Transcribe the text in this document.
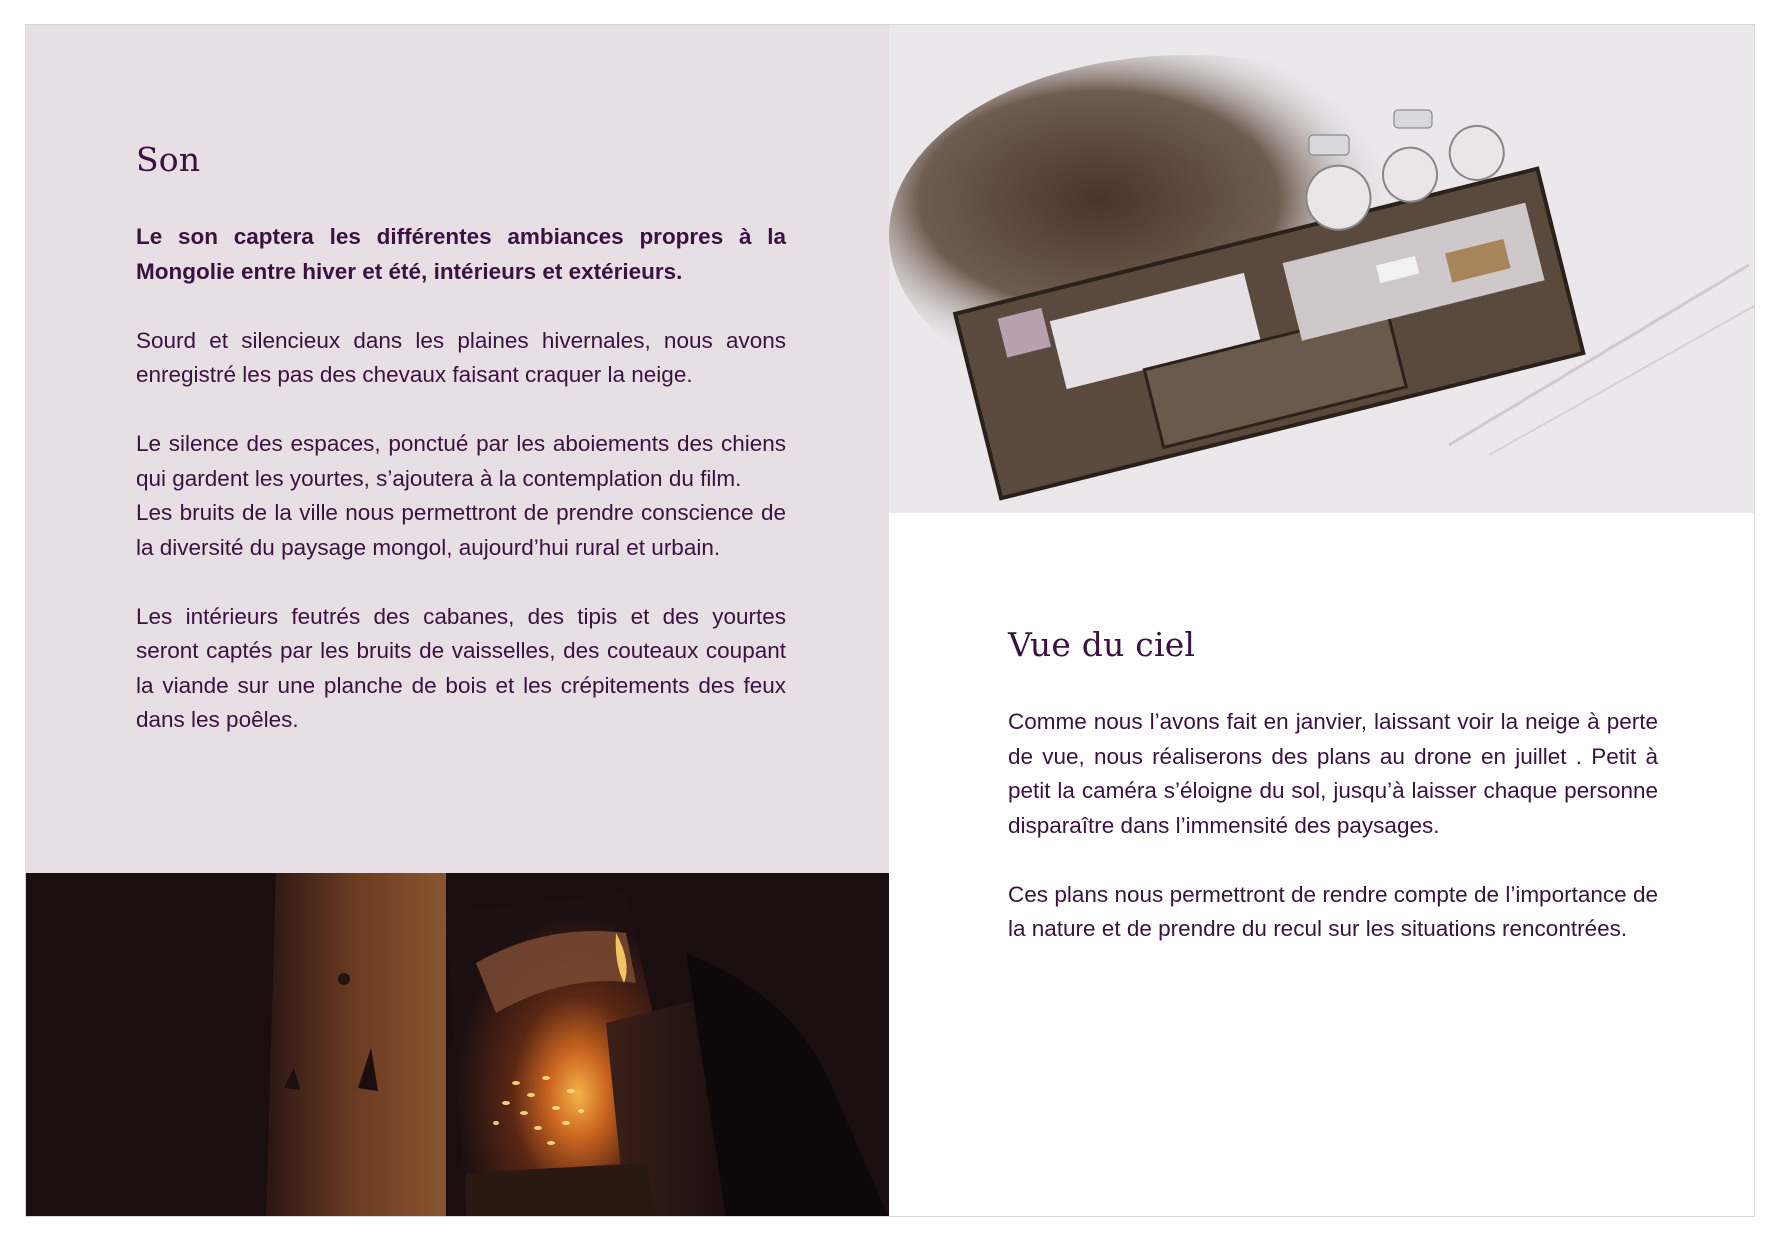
Son

Le son captera les différentes ambiances propres à la Mongolie entre hiver et été, intérieurs et extérieurs.

Sourd et silencieux dans les plaines hivernales, nous avons enregistré les pas des chevaux faisant craquer la neige.

Le silence des espaces, ponctué par les aboiements des chiens qui gardent les yourtes, s’ajoutera à la contemplation du film.

Les bruits de la ville nous permettront de prendre conscience de la diversité du paysage mongol, aujourd’hui rural et urbain.

Les intérieurs feutrés des cabanes, des tipis et des yourtes seront captés par les bruits de vaisselles, des couteaux coupant la viande sur une planche de bois et les crépitements des feux dans les poêles.

Vue du ciel

Comme nous l’avons fait en janvier, laissant voir la neige à perte de vue, nous réaliserons des plans au drone en juillet . Petit à petit la caméra s’éloigne du sol, jusqu’à laisser chaque personne disparaître dans l’immensité des paysages.

Ces plans nous permettront de rendre compte de l’importance de la nature et de prendre du recul sur les situations rencontrées.
